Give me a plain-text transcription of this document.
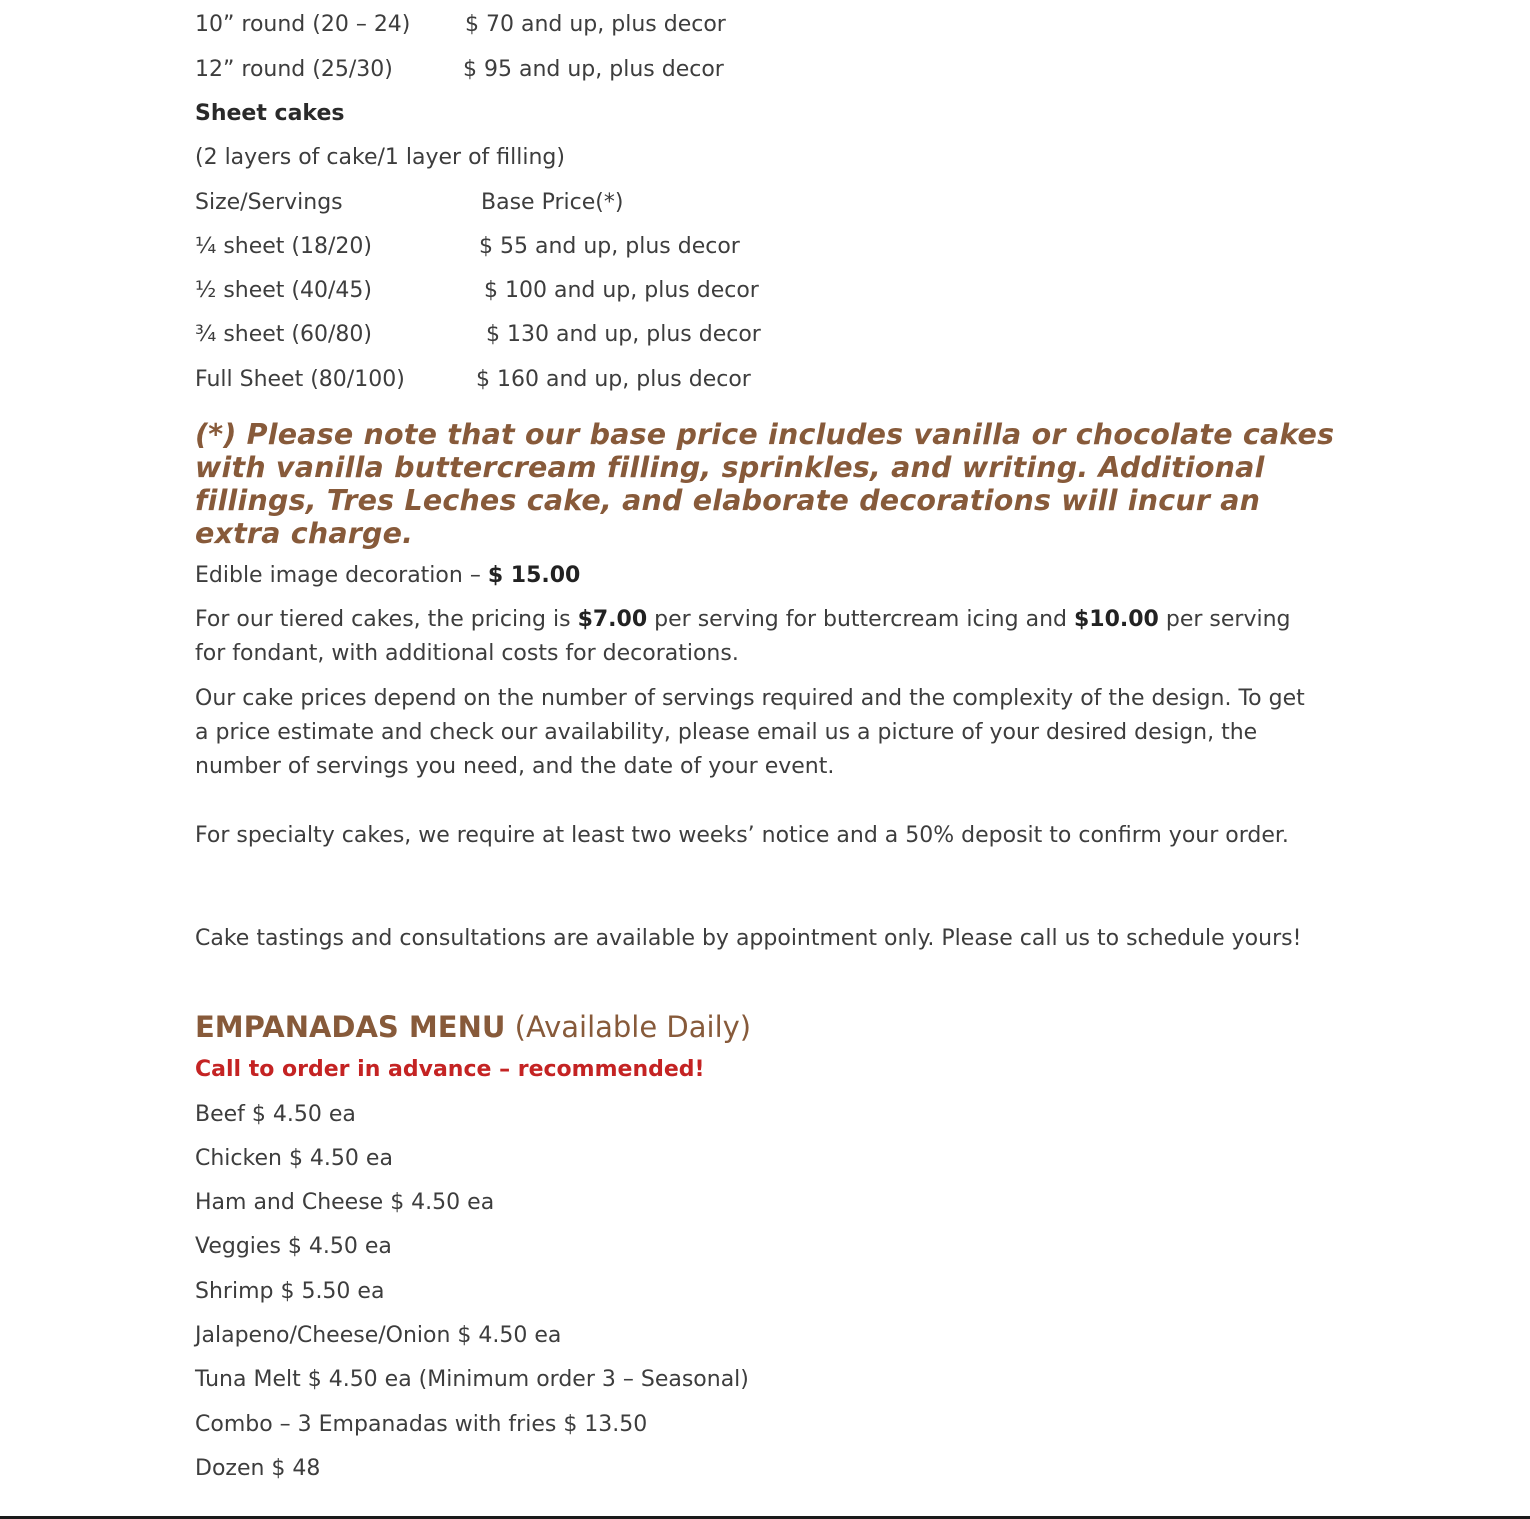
10” round (20 – 24) $ 70 and up, plus decor
12” round (25/30)	$ 95 and up, plus decor
Sheet cakes
(2 layers of cake/1 layer of filling)
Size/Servings	Base Price(*)
¼ sheet (18/20)	$ 55 and up, plus decor
½ sheet (40/45)	$ 100 and up, plus decor
¾ sheet (60/80)	$ 130 and up, plus decor
Full Sheet (80/100)	$ 160 and up, plus decor
(*) Please note that our base price includes vanilla or chocolate cakes with vanilla buttercream filling, sprinkles, and writing. Additional fillings, Tres Leches cake, and elaborate decorations will incur an extra charge.
Edible image decoration – $ 15.00
For our tiered cakes, the pricing is $7.00 per serving for buttercream icing and $10.00 per serving for fondant, with additional costs for decorations.
Our cake prices depend on the number of servings required and the complexity of the design. To get a price estimate and check our availability, please email us a picture of your desired design, the number of servings you need, and the date of your event.
For specialty cakes, we require at least two weeks’ notice and a 50% deposit to confirm your order.
Cake tastings and consultations are available by appointment only. Please call us to schedule yours!
EMPANADAS MENU (Available Daily)
Call to order in advance – recommended!
Beef $ 4.50 ea
Chicken $ 4.50 ea
Ham and Cheese $ 4.50 ea
Veggies $ 4.50 ea
Shrimp $ 5.50 ea
Jalapeno/Cheese/Onion $ 4.50 ea
Tuna Melt $ 4.50 ea (Minimum order 3 – Seasonal)
Combo – 3 Empanadas with fries $ 13.50
Dozen $ 48
